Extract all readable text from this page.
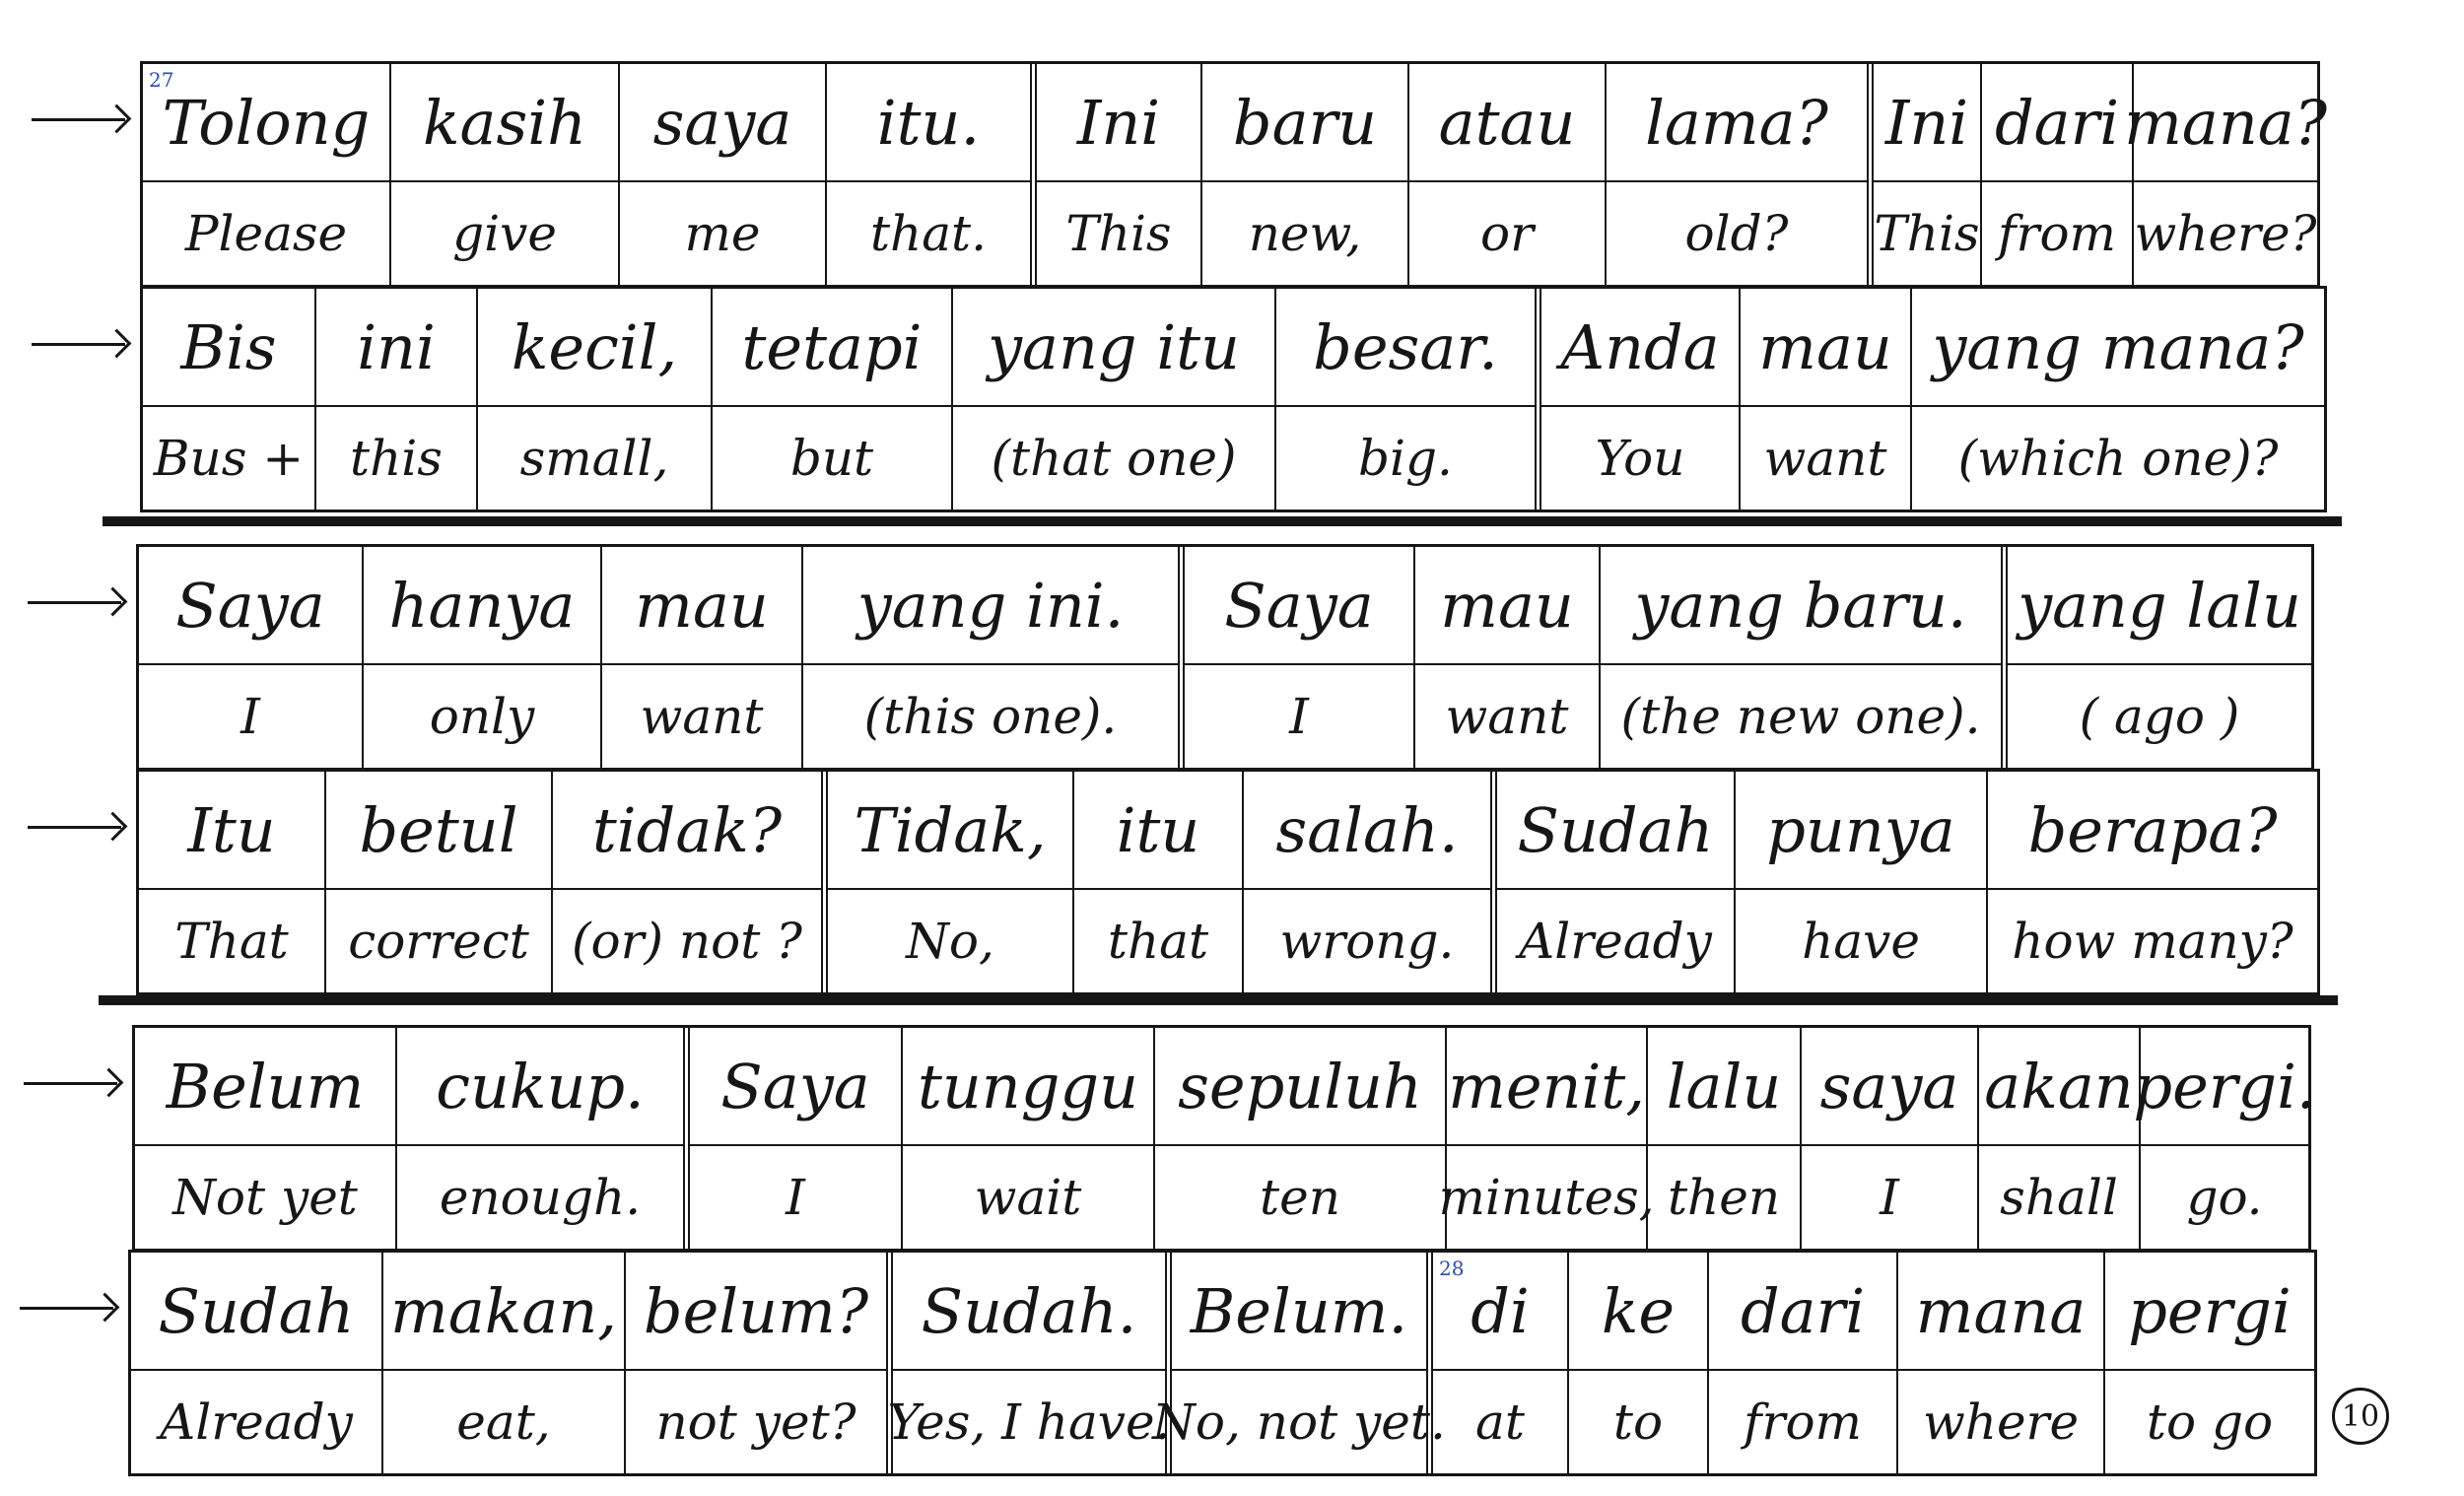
10
Tolong
Please
27
kasih
give
saya
me
itu.
that.
Ini
This
baru
new,
atau
or
lama?
old?
Ini
This
dari
from
mana?
where?
Bis
Bus +
ini
this
kecil,
small,
tetapi
but
yang itu
(that one)
besar.
big.
Anda
You
mau
want
yang mana?
(which one)?
Saya
I
hanya
only
mau
want
yang ini.
(this one).
Saya
I
mau
want
yang baru.
(the new one).
yang lalu
( ago )
Itu
That
betul
correct
tidak?
(or) not ?
Tidak,
No,
itu
that
salah.
wrong.
Sudah
Already
punya
have
berapa?
how many?
Belum
Not yet
cukup.
enough.
Saya
I
tunggu
wait
sepuluh
ten
menit,
minutes,
lalu
then
saya
I
akan
shall
pergi.
go.
Sudah
Already
makan,
eat,
belum?
not yet?
Sudah.
Yes, I have.
Belum.
No, not yet.
di
at
28
ke
to
dari
from
mana
where
pergi
to go
